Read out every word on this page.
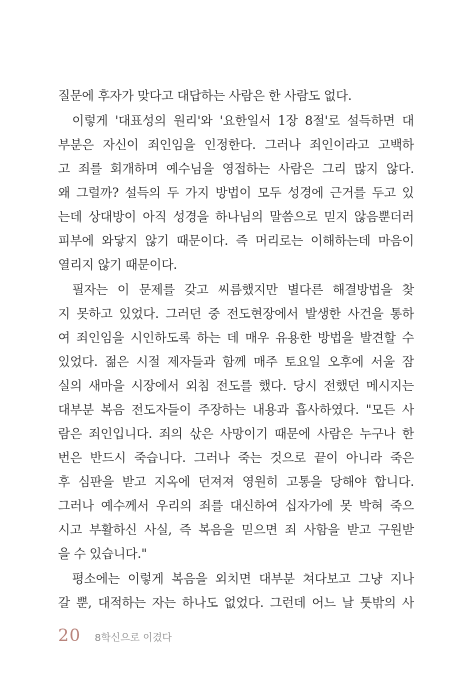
질문에 후자가 맞다고 대답하는 사람은 한 사람도 없다.
이렇게 '대표성의 원리'와 '요한일서 1장 8절'로 설득하면 대
부분은 자신이 죄인임을 인정한다. 그러나 죄인이라고 고백하
고 죄를 회개하며 예수님을 영접하는 사람은 그리 많지 않다.
왜 그럴까? 설득의 두 가지 방법이 모두 성경에 근거를 두고 있
는데 상대방이 아직 성경을 하나님의 말씀으로 믿지 않음뿐더러
피부에 와닿지 않기 때문이다. 즉 머리로는 이해하는데 마음이
열리지 않기 때문이다.
필자는 이 문제를 갖고 씨름했지만 별다른 해결방법을 찾
지 못하고 있었다. 그러던 중 전도현장에서 발생한 사건을 통하
여 죄인임을 시인하도록 하는 데 매우 유용한 방법을 발견할 수
있었다. 젊은 시절 제자들과 함께 매주 토요일 오후에 서울 잠
실의 새마을 시장에서 외침 전도를 했다. 당시 전했던 메시지는
대부분 복음 전도자들이 주장하는 내용과 흡사하였다. "모든 사
람은 죄인입니다. 죄의 삯은 사망이기 때문에 사람은 누구나 한
번은 반드시 죽습니다. 그러나 죽는 것으로 끝이 아니라 죽은
후 심판을 받고 지옥에 던져져 영원히 고통을 당해야 합니다.
그러나 예수께서 우리의 죄를 대신하여 십자가에 못 박혀 죽으
시고 부활하신 사실, 즉 복음을 믿으면 죄 사함을 받고 구원받
을 수 있습니다."
평소에는 이렇게 복음을 외치면 대부분 쳐다보고 그냥 지나
갈 뿐, 대적하는 자는 하나도 없었다. 그런데 어느 날 툿밖의 사
20 8학신으로 이겼다
